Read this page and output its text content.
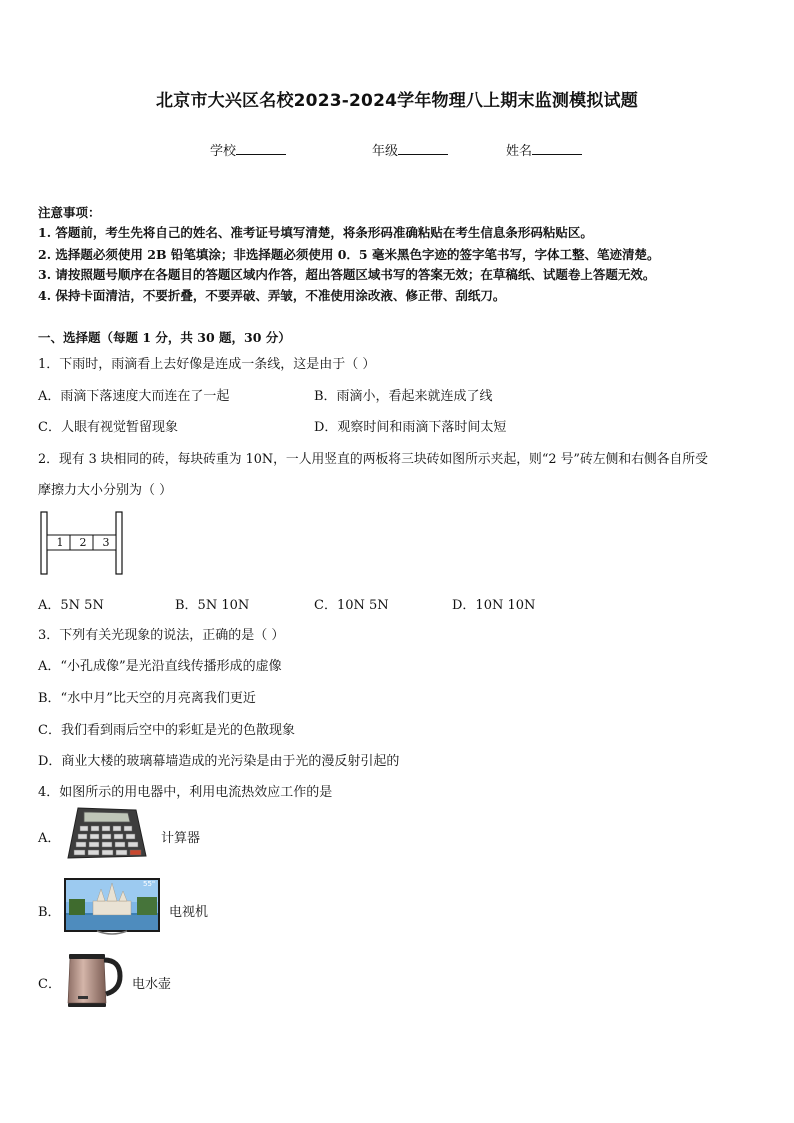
北京市大兴区名校2023-2024学年物理八上期末监测模拟试题
学校	年级	姓名
注意事项：
1. 答题前，考生先将自己的姓名、准考证号填写清楚，将条形码准确粘贴在考生信息条形码粘贴区。
2. 选择题必须使用 2B 铅笔填涂；非选择题必须使用 0．5 毫米黑色字迹的签字笔书写，字体工整、笔迹清楚。
3. 请按照题号顺序在各题目的答题区域内作答，超出答题区域书写的答案无效；在草稿纸、试题卷上答题无效。
4. 保持卡面清洁，不要折叠，不要弄破、弄皱，不准使用涂改液、修正带、刮纸刀。
一、选择题（每题 1 分，共 30 题，30 分）
1．下雨时，雨滴看上去好像是连成一条线，这是由于（ ）
A．雨滴下落速度大而连在了一起	B．雨滴小，看起来就连成了线
C．人眼有视觉暂留现象	D．观察时间和雨滴下落时间太短
2．现有 3 块相同的砖，每块砖重为 10N，一人用竖直的两板将三块砖如图所示夹起，则“2 号”砖左侧和右侧各自所受
摩擦力大小分别为（ ）
1	2	3
A．5N 5N	B．5N 10N	C．10N 5N	D．10N 10N
3．下列有关光现象的说法，正确的是（ ）
A．“小孔成像”是光沿直线传播形成的虚像
B．“水中月”比天空的月亮离我们更近
C．我们看到雨后空中的彩虹是光的色散现象
D．商业大楼的玻璃幕墙造成的光污染是由于光的漫反射引起的
4．如图所示的用电器中，利用电流热效应工作的是
A．	计算器
B．
55"
电视机
C．	电水壶
